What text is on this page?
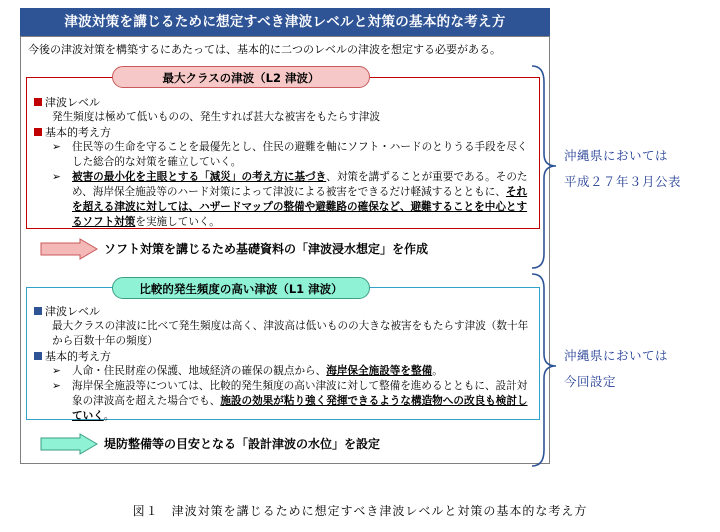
津波対策を講じるために想定すべき津波レベルと対策の基本的な考え方
今後の津波対策を構築するにあたっては、基本的に二つのレベルの津波を想定する必要がある。
最大クラスの津波（L2 津波）
津波レベル
発生頻度は極めて低いものの、発生すれば甚大な被害をもたらす津波
基本的考え方
➢ 住民等の生命を守ることを最優先とし、住民の避難を軸にソフト・ハードのとりうる手段を尽くした総合的な対策を確立していく。
➢ 被害の最小化を主眼とする「減災」の考え方に基づき、対策を講ずることが重要である。そのため、海岸保全施設等のハード対策によって津波による被害をできるだけ軽減するとともに、それを超える津波に対しては、ハザードマップの整備や避難路の確保など、避難することを中心とするソフト対策を実施していく。
ソフト対策を講じるため基礎資料の「津波浸水想定」を作成
比較的発生頻度の高い津波（L1 津波）
津波レベル
最大クラスの津波に比べて発生頻度は高く、津波高は低いものの大きな被害をもたらす津波（数十年から百数十年の頻度）
基本的考え方
➢ 人命・住民財産の保護、地域経済の確保の観点から、海岸保全施設等を整備。
➢ 海岸保全施設等については、比較的発生頻度の高い津波に対して整備を進めるとともに、設計対象の津波高を超えた場合でも、施設の効果が粘り強く発揮できるような構造物への改良も検討していく。
堤防整備等の目安となる「設計津波の水位」を設定
沖縄県においては
平成２７年３月公表
沖縄県においては
今回設定
図１　津波対策を講じるために想定すべき津波レベルと対策の基本的な考え方
